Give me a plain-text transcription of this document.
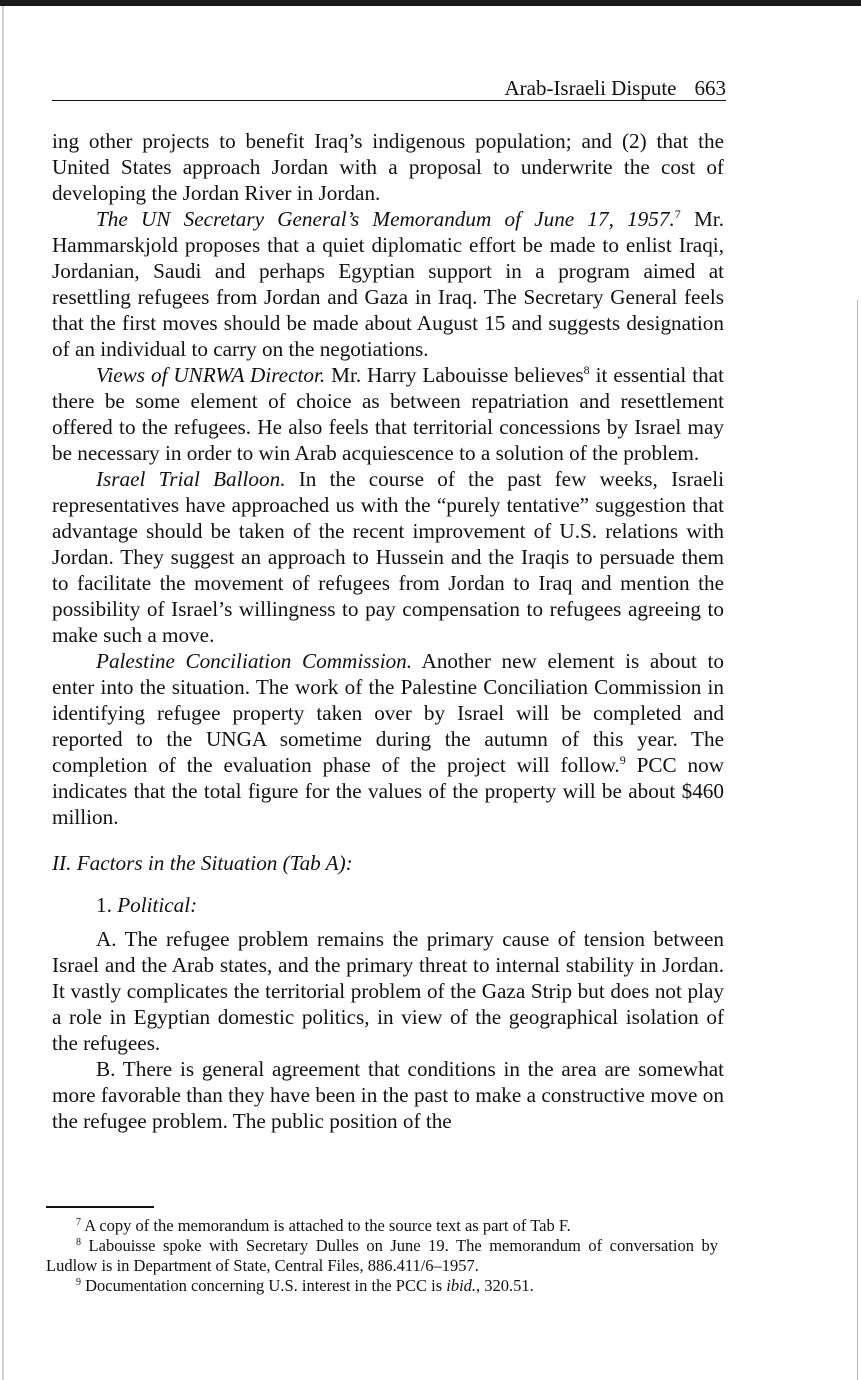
Arab-Israeli Dispute 663

ing other projects to benefit Iraq’s indigenous population; and (2) that the United States approach Jordan with a proposal to underwrite the cost of developing the Jordan River in Jordan.

The UN Secretary General’s Memorandum of June 17, 1957.$^7$ Mr. Hammarskjold proposes that a quiet diplomatic effort be made to enlist Iraqi, Jordanian, Saudi and perhaps Egyptian support in a program aimed at resettling refugees from Jordan and Gaza in Iraq. The Secretary General feels that the first moves should be made about August 15 and suggests designation of an individual to carry on the negotiations.

Views of UNRWA Director. Mr. Harry Labouisse believes$^8$ it essential that there be some element of choice as between repatriation and resettlement offered to the refugees. He also feels that territorial concessions by Israel may be necessary in order to win Arab acquiescence to a solution of the problem.

Israel Trial Balloon. In the course of the past few weeks, Israeli representatives have approached us with the “purely tentative” suggestion that advantage should be taken of the recent improvement of U.S. relations with Jordan. They suggest an approach to Hussein and the Iraqis to persuade them to facilitate the movement of refugees from Jordan to Iraq and mention the possibility of Israel’s willingness to pay compensation to refugees agreeing to make such a move.

Palestine Conciliation Commission. Another new element is about to enter into the situation. The work of the Palestine Conciliation Commission in identifying refugee property taken over by Israel will be completed and reported to the UNGA sometime during the autumn of this year. The completion of the evaluation phase of the project will follow.$^9$ PCC now indicates that the total figure for the values of the property will be about $460 million.

II. Factors in the Situation (Tab A):

1. Political:

A. The refugee problem remains the primary cause of tension between Israel and the Arab states, and the primary threat to internal stability in Jordan. It vastly complicates the territorial problem of the Gaza Strip but does not play a role in Egyptian domestic politics, in view of the geographical isolation of the refugees.

B. There is general agreement that conditions in the area are somewhat more favorable than they have been in the past to make a constructive move on the refugee problem. The public position of the

$^7$ A copy of the memorandum is attached to the source text as part of Tab F.

$^8$ Labouisse spoke with Secretary Dulles on June 19. The memorandum of conversation by Ludlow is in Department of State, Central Files, 886.411/6–1957.

$^9$ Documentation concerning U.S. interest in the PCC is ibid., 320.51.
